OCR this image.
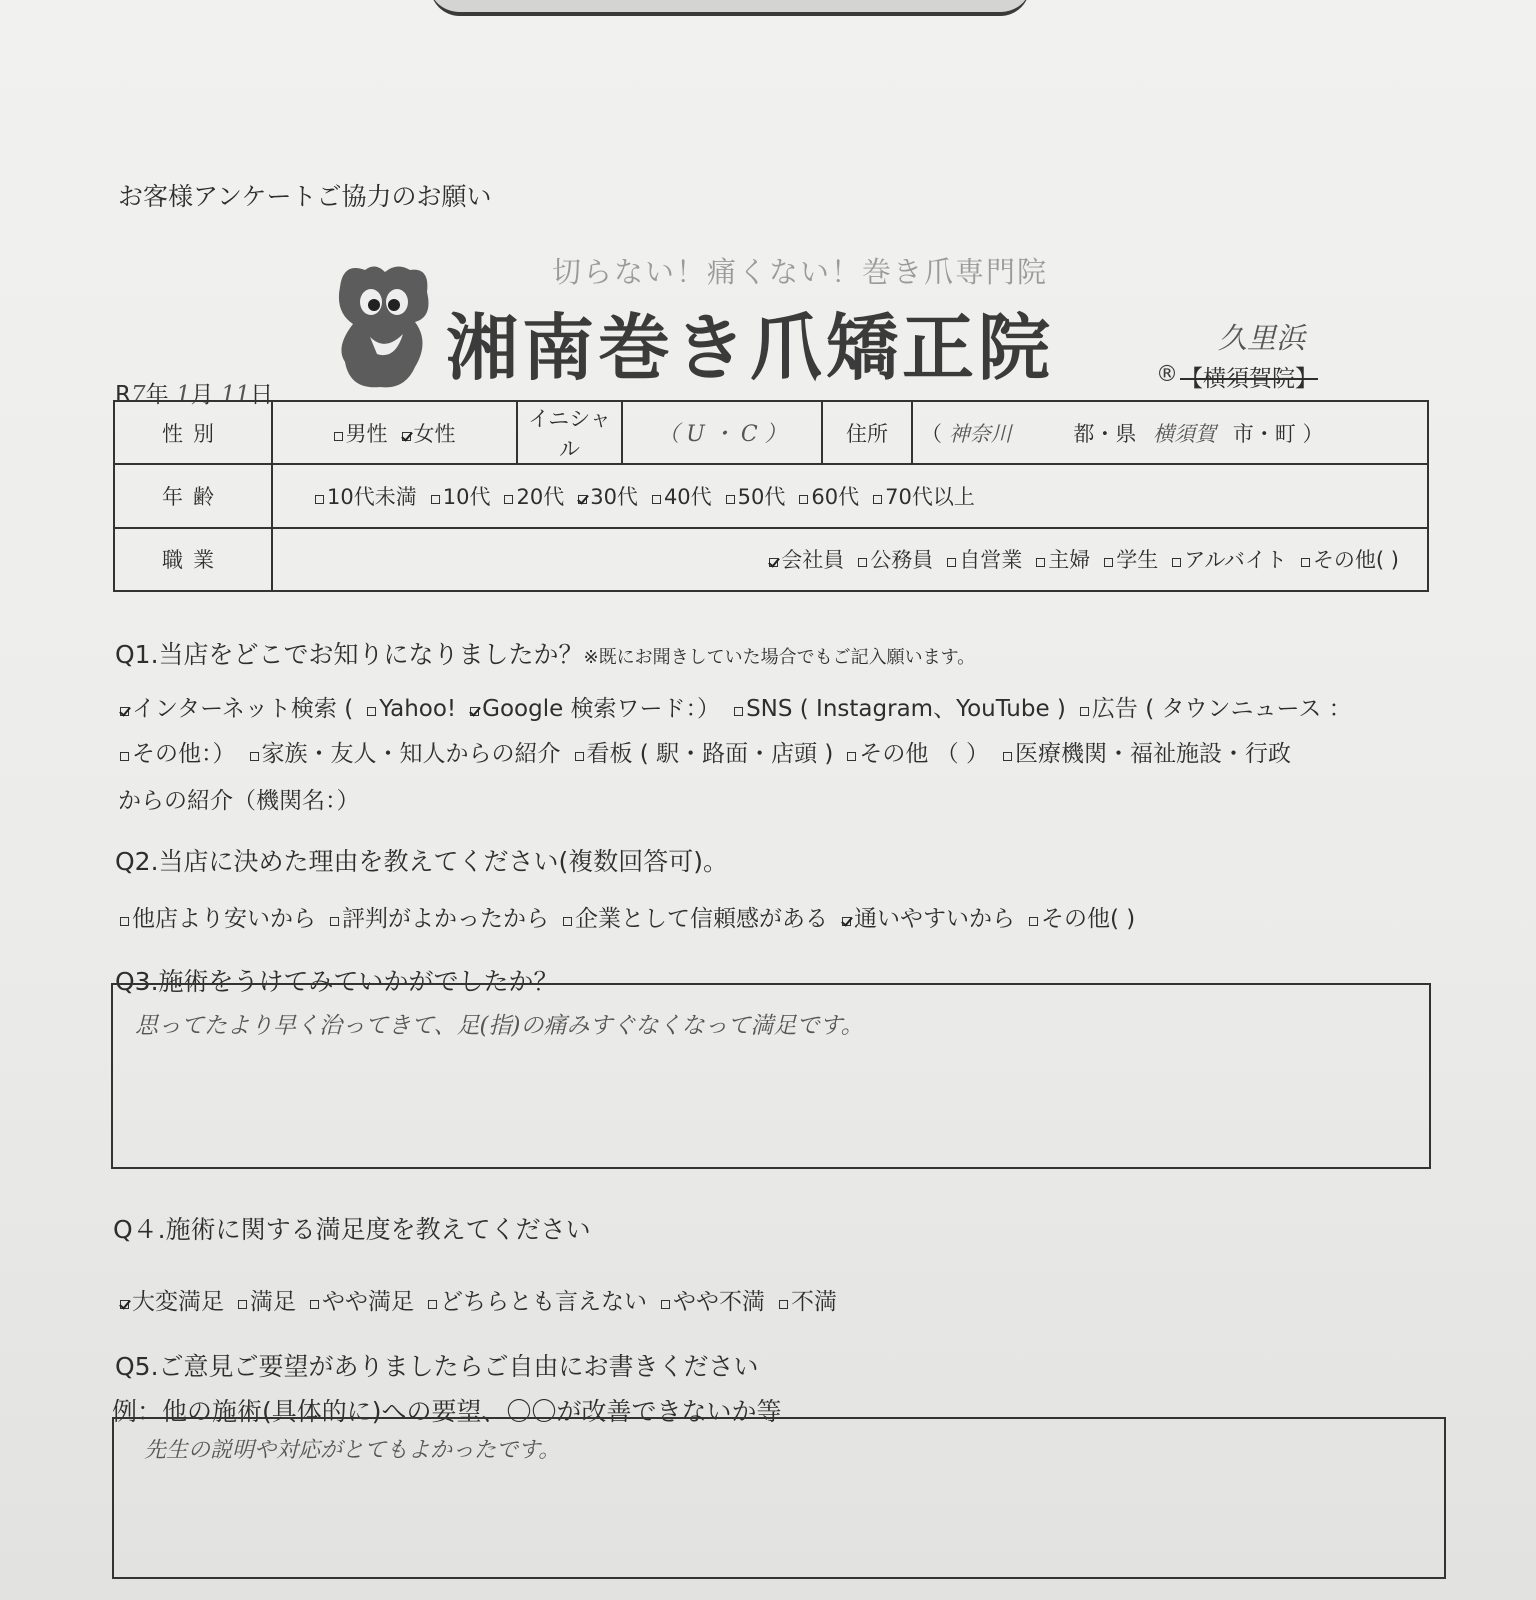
お客様アンケートご協力のお願い
切らない！痛くない！巻き爪専門院
湘南巻き爪矯正院	® 【横須賀院】
久里浜
R7年 1月 11日
性別	男性 女性	イニシャル	（ U ・ C ）	住所	（ 神奈川 都・県 横須賀 市・町 ）
年齢	10代未満 10代 20代 30代 40代 50代 60代 70代以上				
職業	会社員 公務員 自営業 主婦 学生 アルバイト その他( )				
Q1.当店をどこでお知りになりましたか？※既にお聞きしていた場合でもご記入願います。
インターネット検索 ( Yahoo! Google 検索ワード：） SNS ( Instagram、YouTube ) 広告 ( タウンニュース ：
その他：） 家族・友人・知人からの紹介 看板 ( 駅・路面・店頭 ) その他 （ ） 医療機関・福祉施設・行政
からの紹介（機関名：）
Q2.当店に決めた理由を教えてください(複数回答可)。
他店より安いから 評判がよかったから 企業として信頼感がある 通いやすいから その他( )
Q3.施術をうけてみていかがでしたか？
思ってたより早く治ってきて、足(指)の痛みすぐなくなって満足です。
Q４.施術に関する満足度を教えてください
大変満足 満足 やや満足 どちらとも言えない やや不満 不満
Q5.ご意見ご要望がありましたらご自由にお書きください
例：他の施術(具体的に)への要望、〇〇が改善できないか等
先生の説明や対応がとてもよかったです。
